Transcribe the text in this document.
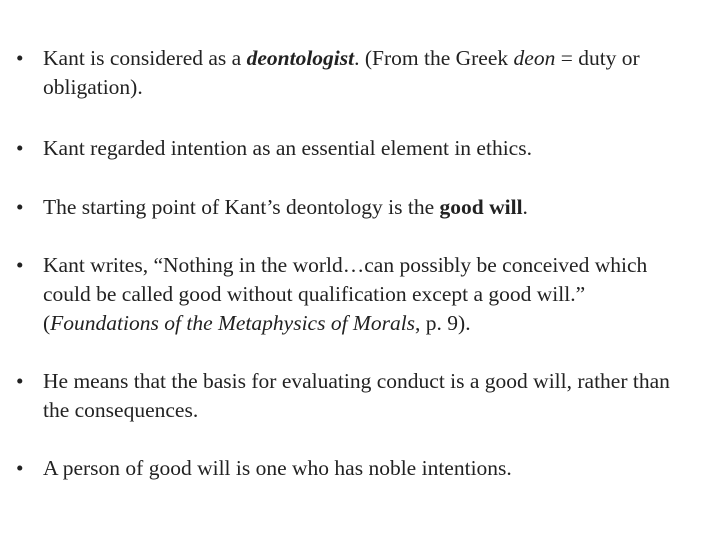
• Kant is considered as a deontologist. (From the Greek deon = duty or obligation).
• Kant regarded intention as an essential element in ethics.
• The starting point of Kant’s deontology is the good will.
• Kant writes, “Nothing in the world…can possibly be conceived which could be called good without qualification except a good will.” (Foundations of the Metaphysics of Morals, p. 9).
• He means that the basis for evaluating conduct is a good will, rather than the consequences.
• A person of good will is one who has noble intentions.
